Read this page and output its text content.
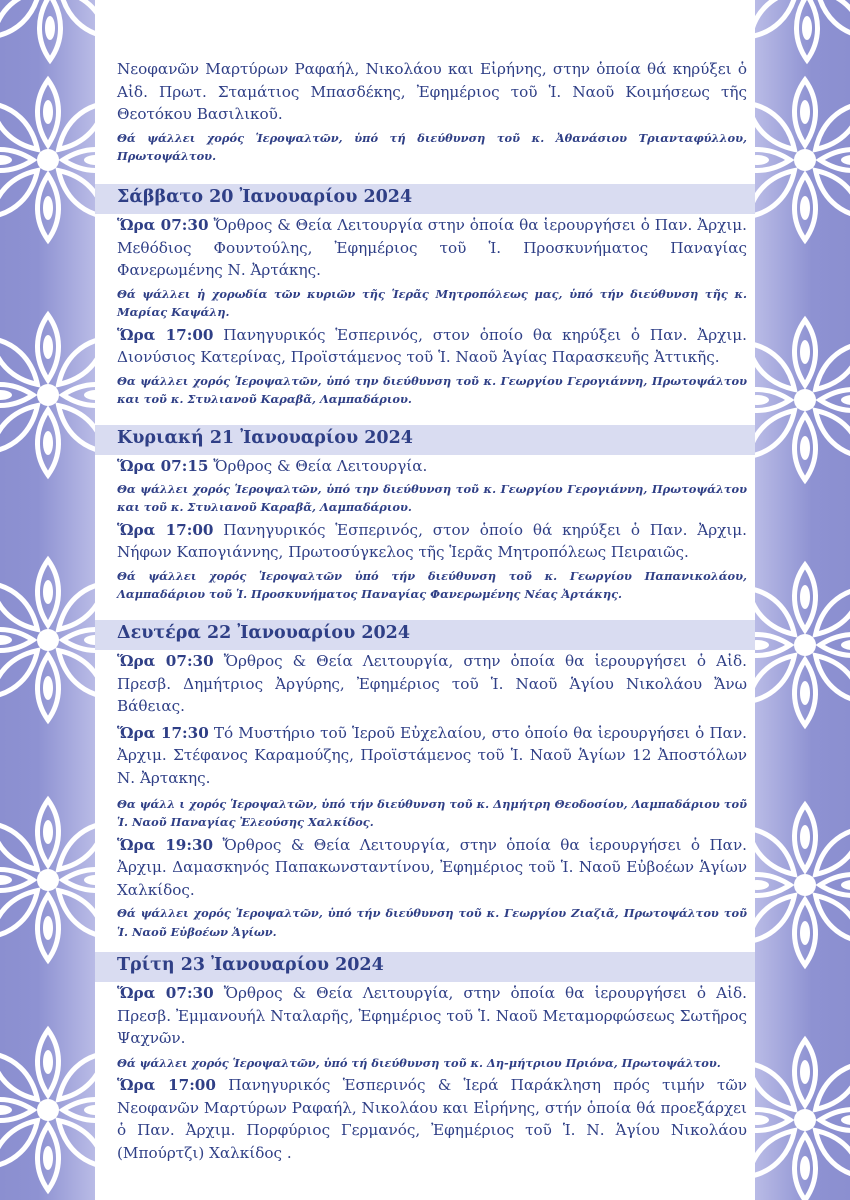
Νεοφανῶν Μαρτύρων Ραφαήλ, Νικολάου και Εἰρήνης, στην ὁποία θά κηρύξει ὁ Αἰδ. Πρωτ. Σταμάτιος Μπασδέκης, Ἐφημέριος τοῦ Ἱ. Ναοῦ Κοιμήσεως τῆς Θεοτόκου Βασιλικοῦ.

Θά ψάλλει χορός Ἱεροψαλτῶν, ὑπό τή διεύθυνση τοῦ κ. Ἀθανάσιου Τριανταφύλλου, Πρωτοψάλτου.

Σάββατο 20 Ἰανουαρίου 2024

Ὥρα 07:30 Ὄρθρος & Θεία Λειτουργία στην ὁποία θα ἱερουργήσει ὁ Παν. Ἀρχιμ. Μεθόδιος Φουντούλης, Ἐφημέριος τοῦ Ἱ. Προσκυνήματος Παναγίας Φανερωμένης Ν. Ἀρτάκης.

Θά ψάλλει ἡ χορωδία τῶν κυριῶν τῆς Ἱερᾶς Μητροπόλεως μας, ὑπό τήν διεύθυνση τῆς κ. Μαρίας Καψάλη.

Ὥρα 17:00 Πανηγυρικός Ἑσπερινός, στον ὁποίο θα κηρύξει ὁ Παν. Ἀρχιμ. Διονύσιος Κατερίνας, Προϊστάμενος τοῦ Ἱ. Ναοῦ Ἁγίας Παρασκευῆς Ἀττικῆς.

Θα ψάλλει χορός Ἱεροψαλτῶν, ὑπό την διεύθυνση τοῦ κ. Γεωργίου Γερογιάννη, Πρωτοψάλτου και τοῦ κ. Στυλιανοῦ Καραβᾶ, Λαμπαδάριου.

Κυριακή 21 Ἰανουαρίου 2024

Ὥρα 07:15 Ὄρθρος & Θεία Λειτουργία.

Θα ψάλλει χορός Ἱεροψαλτῶν, ὑπό την διεύθυνση τοῦ κ. Γεωργίου Γερογιάννη, Πρωτοψάλτου και τοῦ κ. Στυλιανοῦ Καραβᾶ, Λαμπαδάριου.

Ὥρα 17:00 Πανηγυρικός Ἑσπερινός, στον ὁποίο θά κηρύξει ὁ Παν. Ἀρχιμ. Νήφων Καπογιάννης, Πρωτοσύγκελος τῆς Ἱερᾶς Μητροπόλεως Πειραιῶς.

Θά ψάλλει χορός Ἱεροψαλτῶν ὑπό τήν διεύθυνση τοῦ κ. Γεωργίου Παπανικολάου, Λαμπαδάριου τοῦ Ἱ. Προσκυνήματος Παναγίας Φανερωμένης Νέας Ἀρτάκης.

Δευτέρα 22 Ἰανουαρίου 2024

Ὥρα 07:30 Ὄρθρος & Θεία Λειτουργία, στην ὁποία θα ἱερουργήσει ὁ Αἰδ. Πρεσβ. Δημήτριος Ἀργύρης, Ἐφημέριος τοῦ Ἱ. Ναοῦ Ἁγίου Νικολάου Ἄνω Βάθειας.

Ὥρα 17:30 Τό Μυστήριο τοῦ Ἱεροῦ Εὐχελαίου, στο ὁποίο θα ἱερουργήσει ὁ Παν. Ἀρχιμ. Στέφανος Καραμούζης, Προϊστάμενος τοῦ Ἱ. Ναοῦ Ἁγίων 12 Ἀποστόλων Ν. Ἀρτακης.

Θα ψάλλ ι χορός Ἱεροψαλτῶν, ὑπό τήν διεύθυνση τοῦ κ. Δημήτρη Θεοδοσίου, Λαμπαδάριου τοῦ Ἱ. Ναοῦ Παναγίας Ἐλεούσης Χαλκίδος.

Ὥρα 19:30 Ὄρθρος & Θεία Λειτουργία, στην ὁποία θα ἱερουργήσει ὁ Παν. Ἀρχιμ. Δαμασκηνός Παπακωνσταντίνου, Ἐφημέριος τοῦ Ἱ. Ναοῦ Εὐβοέων Ἁγίων Χαλκίδος.

Θά ψάλλει χορός Ἱεροψαλτῶν, ὑπό τήν διεύθυνση τοῦ κ. Γεωργίου Ζιαζιᾶ, Πρωτοψάλτου τοῦ Ἱ. Ναοῦ Εὐβοέων Ἁγίων.

Τρίτη 23 Ἰανουαρίου 2024

Ὥρα 07:30 Ὄρθρος & Θεία Λειτουργία, στην ὁποία θα ἱερουργήσει ὁ Αἰδ. Πρεσβ. Ἐμμανουήλ Νταλαρῆς, Ἐφημέριος τοῦ Ἱ. Ναοῦ Μεταμορφώσεως Σωτῆρος Ψαχνῶν.

Θά ψάλλει χορός Ἱεροψαλτῶν, ὑπό τή διεύθυνση τοῦ κ. Δη-μήτριου Πριόνα, Πρωτοψάλτου.

Ὥρα 17:00 Πανηγυρικός Ἑσπερινός & Ἱερά Παράκληση πρός τιμήν τῶν Νεοφανῶν Μαρτύρων Ραφαήλ, Νικολάου και Εἰρήνης, στήν ὁποία θά προεξάρχει ὁ Παν. Ἀρχιμ. Πορφύριος Γερμανός, Ἐφημέριος τοῦ Ἱ. Ν. Ἁγίου Νικολάου (Μπούρτζι) Χαλκίδος .
